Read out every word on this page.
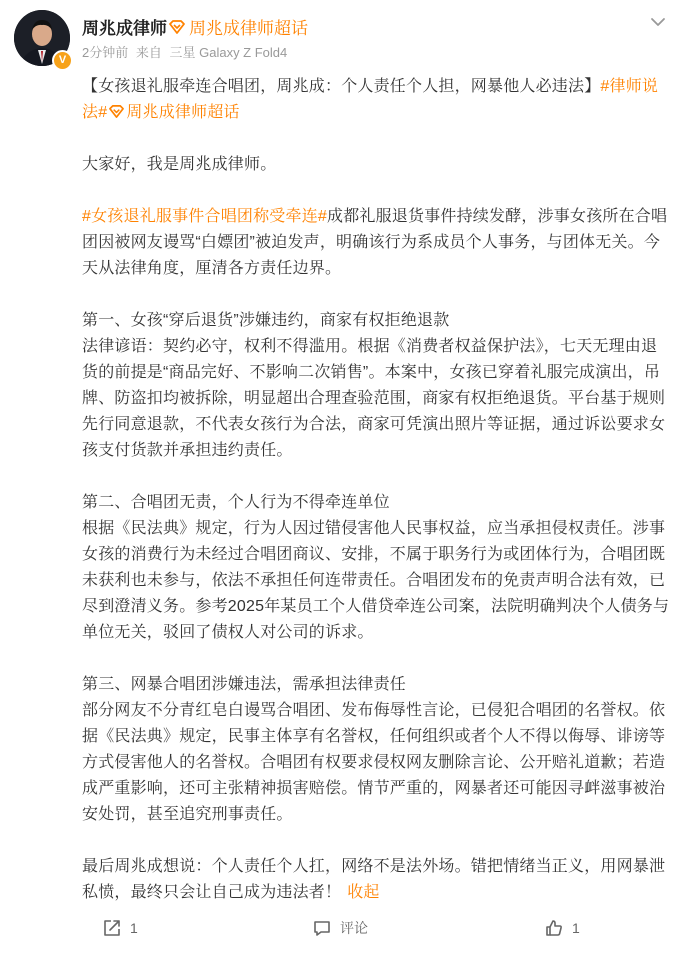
V
周兆成律师 周兆成律师超话
2分钟前 来自 三星 Galaxy Z Fold4

【女孩退礼服牵连合唱团，周兆成：个人责任个人担，网暴他人必违法】#律师说法# 周兆成律师超话

大家好，我是周兆成律师。

#女孩退礼服事件合唱团称受牵连#成都礼服退货事件持续发酵，涉事女孩所在合唱团因被网友谩骂“白嫖团”被迫发声，明确该行为系成员个人事务，与团体无关。今天从法律角度，厘清各方责任边界。

第一、女孩“穿后退货”涉嫌违约，商家有权拒绝退款

法律谚语：契约必守，权利不得滥用。根据《消费者权益保护法》，七天无理由退货的前提是“商品完好、不影响二次销售”。本案中，女孩已穿着礼服完成演出，吊牌、防盗扣均被拆除，明显超出合理查验范围，商家有权拒绝退货。平台基于规则先行同意退款，不代表女孩行为合法，商家可凭演出照片等证据，通过诉讼要求女孩支付货款并承担违约责任。

第二、合唱团无责，个人行为不得牵连单位

根据《民法典》规定，行为人因过错侵害他人民事权益，应当承担侵权责任。涉事女孩的消费行为未经过合唱团商议、安排，不属于职务行为或团体行为，合唱团既未获利也未参与，依法不承担任何连带责任。合唱团发布的免责声明合法有效，已尽到澄清义务。参考2025年某员工个人借贷牵连公司案，法院明确判决个人债务与单位无关，驳回了债权人对公司的诉求。

第三、网暴合唱团涉嫌违法，需承担法律责任

部分网友不分青红皂白谩骂合唱团、发布侮辱性言论，已侵犯合唱团的名誉权。依据《民法典》规定，民事主体享有名誉权，任何组织或者个人不得以侮辱、诽谤等方式侵害他人的名誉权。合唱团有权要求侵权网友删除言论、公开赔礼道歉；若造成严重影响，还可主张精神损害赔偿。情节严重的，网暴者还可能因寻衅滋事被治安处罚，甚至追究刑事责任。

最后周兆成想说：个人责任个人扛，网络不是法外场。错把情绪当正义，用网暴泄私愤，最终只会让自己成为违法者！ 收起

1	评论	1
